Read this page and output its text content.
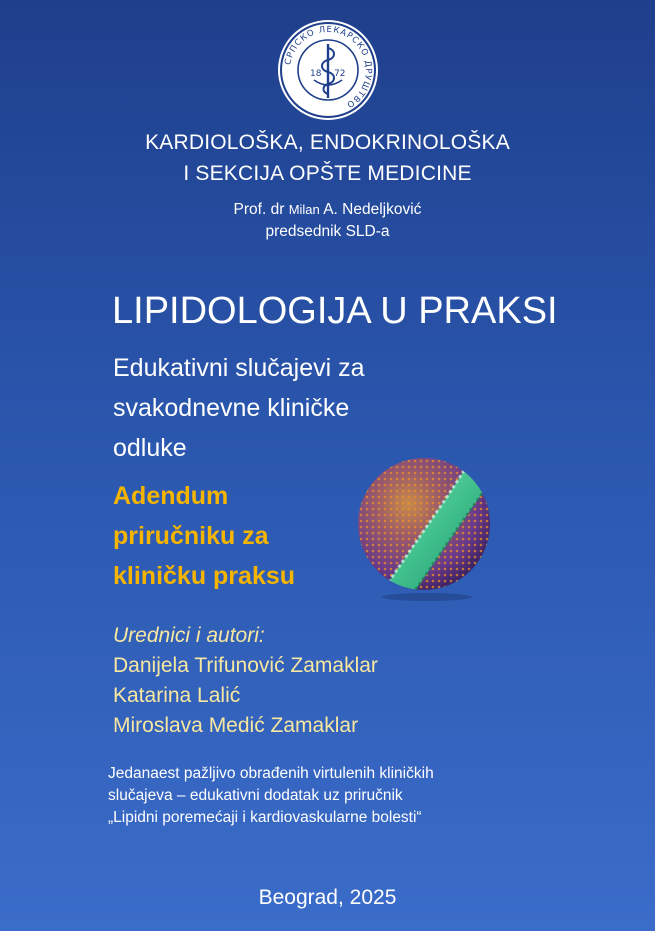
СРПСКО ЛЕКАРСКО ДРУШТВО
18 72
KARDIOLOŠKA, ENDOKRINOLOŠKA
I SEKCIJA OPŠTE MEDICINE
Prof. dr Milan A. Nedeljković
predsednik SLD-a
LIPIDOLOGIJA U PRAKSI
Edukativni slučajevi za
svakodnevne kliničke
odluke
Adendum
priručniku za
kliničku praksu
Urednici i autori:
Danijela Trifunović Zamaklar
Katarina Lalić
Miroslava Medić Zamaklar
Jedanaest pažljivo obrađenih virtulenih kliničkih
slučajeva – edukativni dodatak uz priručnik
„Lipidni poremećaji i kardiovaskularne bolesti“
Beograd, 2025
